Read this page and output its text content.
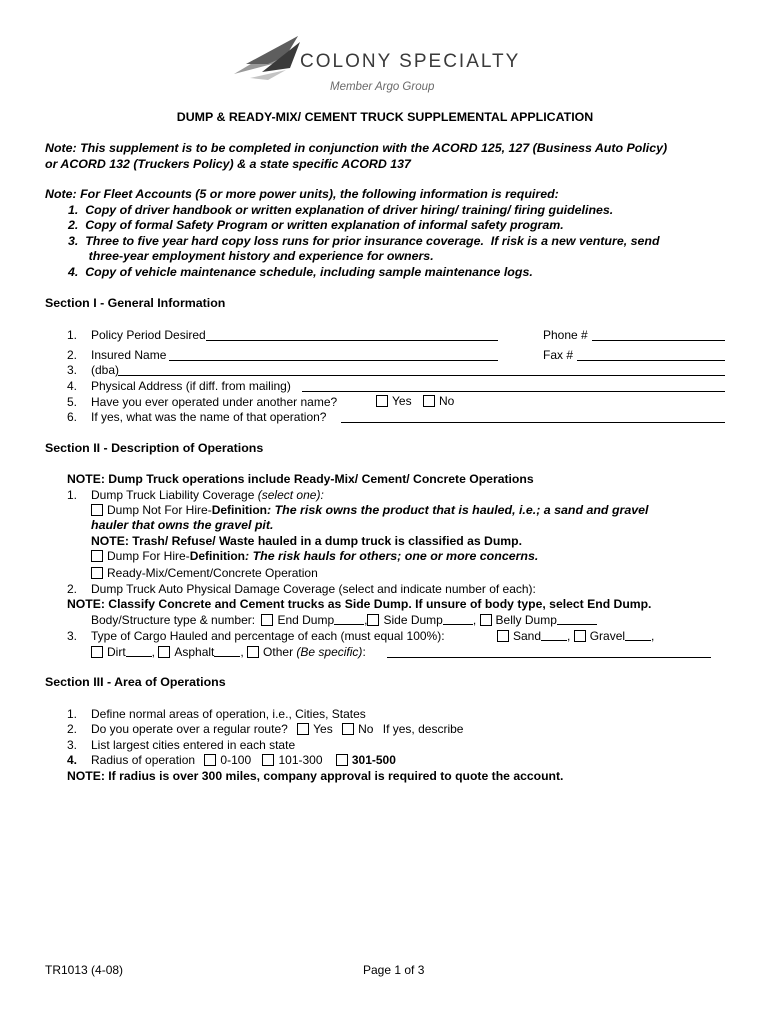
COLONY SPECIALTY
Member Argo Group
DUMP & READY-MIX/ CEMENT TRUCK SUPPLEMENTAL APPLICATION
Note: This supplement is to be completed in conjunction with the ACORD 125, 127 (Business Auto Policy)
or ACORD 132 (Truckers Policy) & a state specific ACORD 137
Note: For Fleet Accounts (5 or more power units), the following information is required:
1.  Copy of driver handbook or written explanation of driver hiring/ training/ firing guidelines.
2.  Copy of formal Safety Program or written explanation of informal safety program.
3.  Three to five year hard copy loss runs for prior insurance coverage.  If risk is a new venture, send
three-year employment history and experience for owners.
4.  Copy of vehicle maintenance schedule, including sample maintenance logs.
Section I - General Information
1. Policy Period Desired	Phone #
2. Insured Name	Fax #
3. (dba)
4. Physical Address (if diff. from mailing)
5. Have you ever operated under another name?	Yes	No
6. If yes, what was the name of that operation?
Section II - Description of Operations
NOTE: Dump Truck operations include Ready-Mix/ Cement/ Concrete Operations
1. Dump Truck Liability Coverage (select one):
Dump Not For Hire-Definition: The risk owns the product that is hauled, i.e.; a sand and gravel
hauler that owns the gravel pit.
NOTE: Trash/ Refuse/ Waste hauled in a dump truck is classified as Dump.
Dump For Hire-Definition: The risk hauls for others; one or more concerns.
Ready-Mix/Cement/Concrete Operation
2. Dump Truck Auto Physical Damage Coverage (select and indicate number of each):
NOTE: Classify Concrete and Cement trucks as Side Dump. If unsure of body type, select End Dump.
Body/Structure type & number: End Dump	, Side Dump	, Belly Dump
3. Type of Cargo Hauled and percentage of each (must equal 100%):	Sand , Gravel ,
Dirt , Asphalt , Other (Be specific):
Section III - Area of Operations
1. Define normal areas of operation, i.e., Cities, States
2. Do you operate over a regular route? Yes No If yes, describe
3. List largest cities entered in each state
4. Radius of operation 0-100 101-300 301-500
NOTE: If radius is over 300 miles, company approval is required to quote the account.
TR1013 (4-08)	Page 1 of 3
